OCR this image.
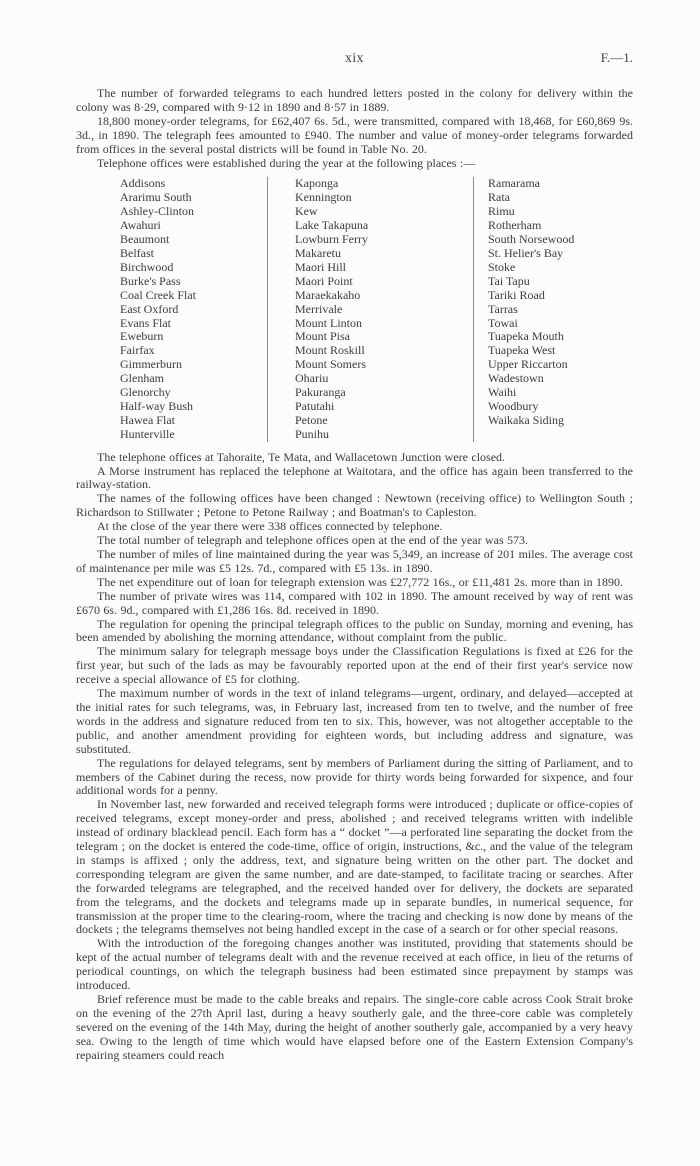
xix	F.—1.

The number of forwarded telegrams to each hundred letters posted in the colony for delivery within the colony was 8·29, compared with 9·12 in 1890 and 8·57 in 1889.

18,800 money-order telegrams, for £62,407 6s. 5d., were transmitted, compared with 18,468, for £60,869 9s. 3d., in 1890. The telegraph fees amounted to £940. The number and value of money-order telegrams forwarded from offices in the several postal districts will be found in Table No. 20.

Telephone offices were established during the year at the following places :—

Addisons
Ararimu South
Ashley-Clinton
Awahuri
Beaumont
Belfast
Birchwood
Burke's Pass
Coal Creek Flat
East Oxford
Evans Flat
Eweburn
Fairfax
Gimmerburn
Glenham
Glenorchy
Half-way Bush
Hawea Flat
Hunterville
Kaponga
Kennington
Kew
Lake Takapuna
Lowburn Ferry
Makaretu
Maori Hill
Maori Point
Maraekakaho
Merrivale
Mount Linton
Mount Pisa
Mount Roskill
Mount Somers
Ohariu
Pakuranga
Patutahi
Petone
Punihu
Ramarama
Rata
Rimu
Rotherham
South Norsewood
St. Helier's Bay
Stoke
Tai Tapu
Tariki Road
Tarras
Towai
Tuapeka Mouth
Tuapeka West
Upper Riccarton
Wadestown
Waihi
Woodbury
Waikaka Siding

The telephone offices at Tahoraite, Te Mata, and Wallacetown Junction were closed.

A Morse instrument has replaced the telephone at Waitotara, and the office has again been transferred to the railway-station.

The names of the following offices have been changed : Newtown (receiving office) to Wellington South ; Richardson to Stillwater ; Petone to Petone Railway ; and Boatman's to Capleston.

At the close of the year there were 338 offices connected by telephone.

The total number of telegraph and telephone offices open at the end of the year was 573.

The number of miles of line maintained during the year was 5,349, an increase of 201 miles. The average cost of maintenance per mile was £5 12s. 7d., compared with £5 13s. in 1890.

The net expenditure out of loan for telegraph extension was £27,772 16s., or £11,481 2s. more than in 1890.

The number of private wires was 114, compared with 102 in 1890. The amount received by way of rent was £670 6s. 9d., compared with £1,286 16s. 8d. received in 1890.

The regulation for opening the principal telegraph offices to the public on Sunday, morning and evening, has been amended by abolishing the morning attendance, without complaint from the public.

The minimum salary for telegraph message boys under the Classification Regulations is fixed at £26 for the first year, but such of the lads as may be favourably reported upon at the end of their first year's service now receive a special allowance of £5 for clothing.

The maximum number of words in the text of inland telegrams—urgent, ordinary, and delayed—accepted at the initial rates for such telegrams, was, in February last, increased from ten to twelve, and the number of free words in the address and signature reduced from ten to six. This, however, was not altogether acceptable to the public, and another amendment providing for eighteen words, but including address and signature, was substituted.

The regulations for delayed telegrams, sent by members of Parliament during the sitting of Parliament, and to members of the Cabinet during the recess, now provide for thirty words being forwarded for sixpence, and four additional words for a penny.

In November last, new forwarded and received telegraph forms were introduced ; duplicate or office-copies of received telegrams, except money-order and press, abolished ; and received telegrams written with indelible instead of ordinary blacklead pencil. Each form has a “ docket ”—a perforated line separating the docket from the telegram ; on the docket is entered the code-time, office of origin, instructions, &c., and the value of the telegram in stamps is affixed ; only the address, text, and signature being written on the other part. The docket and corresponding telegram are given the same number, and are date-stamped, to facilitate tracing or searches. After the forwarded telegrams are telegraphed, and the received handed over for delivery, the dockets are separated from the telegrams, and the dockets and telegrams made up in separate bundles, in numerical sequence, for transmission at the proper time to the clearing-room, where the tracing and checking is now done by means of the dockets ; the telegrams themselves not being handled except in the case of a search or for other special reasons.

With the introduction of the foregoing changes another was instituted, providing that statements should be kept of the actual number of telegrams dealt with and the revenue received at each office, in lieu of the returns of periodical countings, on which the telegraph business had been estimated since prepayment by stamps was introduced.

Brief reference must be made to the cable breaks and repairs. The single-core cable across Cook Strait broke on the evening of the 27th April last, during a heavy southerly gale, and the three-core cable was completely severed on the evening of the 14th May, during the height of another southerly gale, accompanied by a very heavy sea. Owing to the length of time which would have elapsed before one of the Eastern Extension Company's repairing steamers could reach
